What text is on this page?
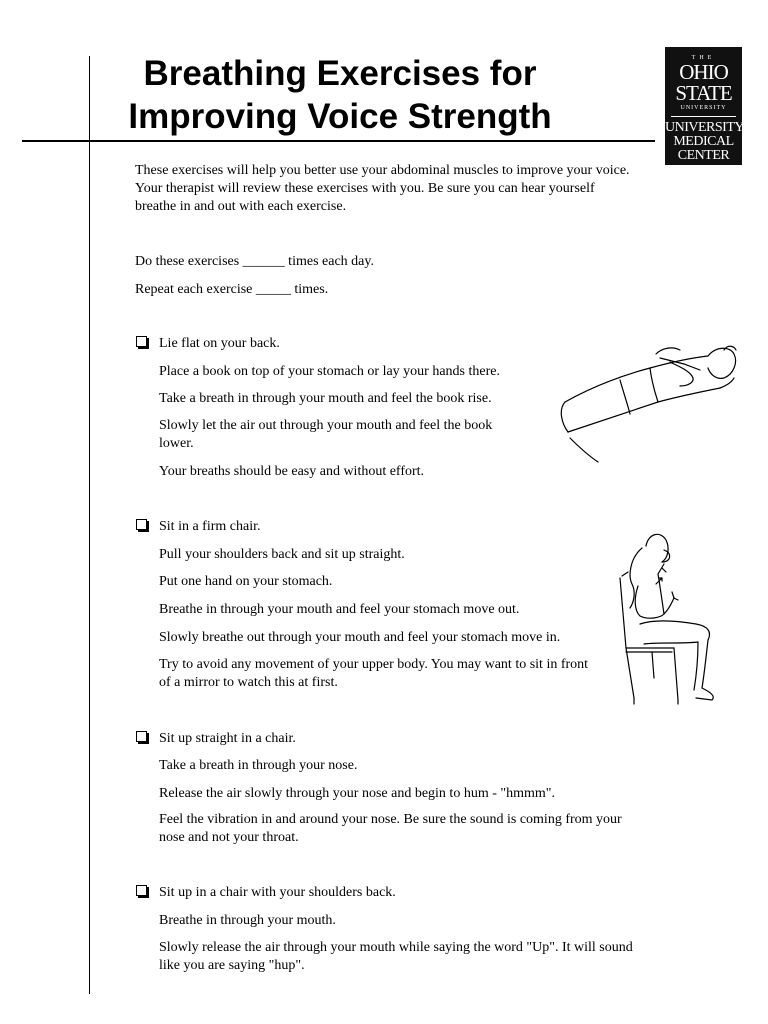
Breathing Exercises for
Improving Voice Strength
THE
OHIO
STATE
UNIVERSITY
UNIVERSITY
MEDICAL
CENTER

These exercises will help you better use your abdominal muscles to improve your voice. Your therapist will review these exercises with you. Be sure you can hear yourself breathe in and out with each exercise.

Do these exercises ______ times each day.

Repeat each exercise _____ times.

Lie flat on your back.

Place a book on top of your stomach or lay your hands there.

Take a breath in through your mouth and feel the book rise.

Slowly let the air out through your mouth and feel the book lower.

Your breaths should be easy and without effort.

Sit in a firm chair.

Pull your shoulders back and sit up straight.

Put one hand on your stomach.

Breathe in through your mouth and feel your stomach move out.

Slowly breathe out through your mouth and feel your stomach move in.

Try to avoid any movement of your upper body. You may want to sit in front of a mirror to watch this at first.

Sit up straight in a chair.

Take a breath in through your nose.

Release the air slowly through your nose and begin to hum - "hmmm".

Feel the vibration in and around your nose. Be sure the sound is coming from your nose and not your throat.

Sit up in a chair with your shoulders back.

Breathe in through your mouth.

Slowly release the air through your mouth while saying the word "Up". It will sound like you are saying "hup".
